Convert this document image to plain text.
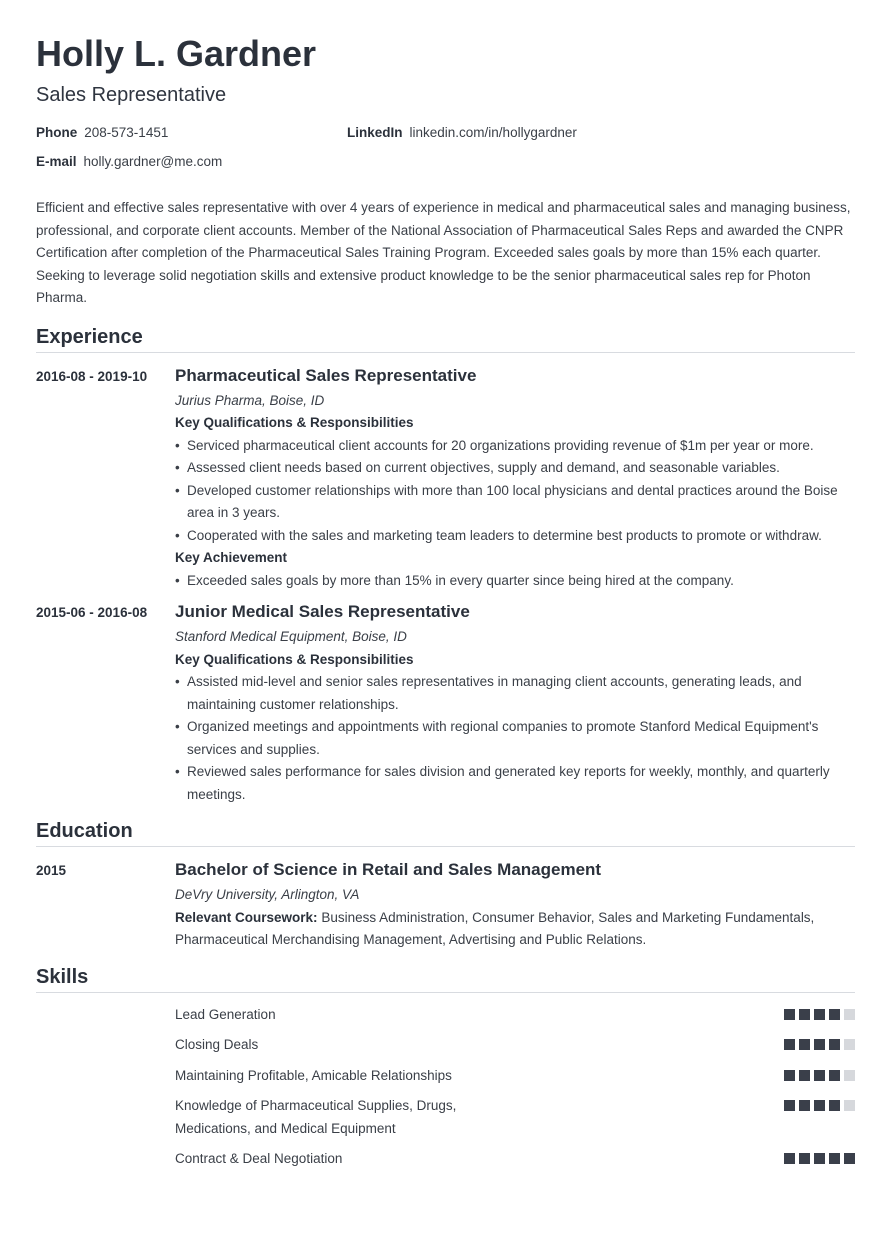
Holly L. Gardner
Sales Representative
Phone 208-573-1451	LinkedIn linkedin.com/in/hollygardner
E-mail holly.gardner@me.com
Efficient and effective sales representative with over 4 years of experience in medical and pharmaceutical sales and managing business, professional, and corporate client accounts. Member of the National Association of Pharmaceutical Sales Reps and awarded the CNPR Certification after completion of the Pharmaceutical Sales Training Program. Exceeded sales goals by more than 15% each quarter. Seeking to leverage solid negotiation skills and extensive product knowledge to be the senior pharmaceutical sales rep for Photon Pharma.
Experience
2016-08 - 2019-10	Pharmaceutical Sales Representative
Jurius Pharma, Boise, ID
Key Qualifications & Responsibilities
• Serviced pharmaceutical client accounts for 20 organizations providing revenue of $1m per year or more.
• Assessed client needs based on current objectives, supply and demand, and seasonable variables.
• Developed customer relationships with more than 100 local physicians and dental practices around the Boise area in 3 years.
• Cooperated with the sales and marketing team leaders to determine best products to promote or withdraw.
Key Achievement
• Exceeded sales goals by more than 15% in every quarter since being hired at the company.
2015-06 - 2016-08	Junior Medical Sales Representative
Stanford Medical Equipment, Boise, ID
Key Qualifications & Responsibilities
• Assisted mid-level and senior sales representatives in managing client accounts, generating leads, and maintaining customer relationships.
• Organized meetings and appointments with regional companies to promote Stanford Medical Equipment's services and supplies.
• Reviewed sales performance for sales division and generated key reports for weekly, monthly, and quarterly meetings.
Education
2015	Bachelor of Science in Retail and Sales Management
DeVry University, Arlington, VA
Relevant Coursework: Business Administration, Consumer Behavior, Sales and Marketing Fundamentals, Pharmaceutical Merchandising Management, Advertising and Public Relations.
Skills
Lead Generation
Closing Deals
Maintaining Profitable, Amicable Relationships
Knowledge of Pharmaceutical Supplies, Drugs, Medications, and Medical Equipment
Contract & Deal Negotiation
